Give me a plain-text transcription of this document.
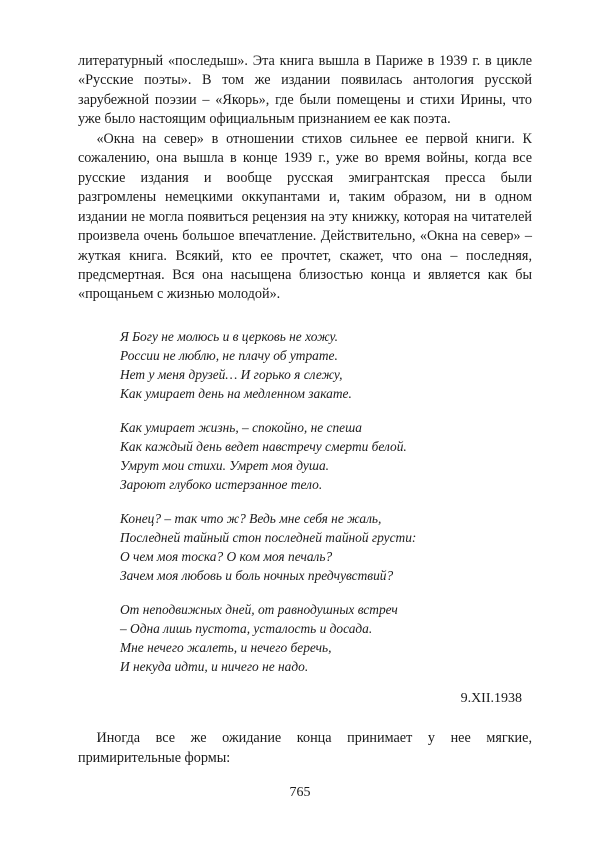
литературный «последыш». Эта книга вышла в Париже в 1939 г. в цикле «Русские поэты». В том же издании появилась антология русской зарубежной поэзии – «Якорь», где были помещены и стихи Ирины, что уже было настоящим официальным признанием ее как поэта.

«Окна на север» в отношении стихов сильнее ее первой книги. К сожалению, она вышла в конце 1939 г., уже во время войны, когда все русские издания и вообще русская эмигрантская пресса были разгромлены немецкими оккупантами и, таким образом, ни в одном издании не могла появиться рецензия на эту книжку, которая на читателей произвела очень большое впечатление. Действительно, «Окна на север» – жуткая книга. Всякий, кто ее прочтет, скажет, что она – последняя, предсмертная. Вся она насыщена близостью конца и является как бы «прощаньем с жизнью молодой».

Я Богу не молюсь и в церковь не хожу.
России не люблю, не плачу об утрате.
Нет у меня друзей… И горько я слежу,
Как умирает день на медленном закате.
Как умирает жизнь, – спокойно, не спеша
Как каждый день ведет навстречу смерти белой.
Умрут мои стихи. Умрет моя душа.
Зароют глубоко истерзанное тело.
Конец? – так что ж? Ведь мне себя не жаль,
Последней тайный стон последней тайной грусти:
О чем моя тоска? О ком моя печаль?
Зачем моя любовь и боль ночных предчувствий?
От неподвижных дней, от равнодушных встреч
– Одна лишь пустота, усталость и досада.
Мне нечего жалеть, и нечего беречь,
И некуда идти, и ничего не надо.
9.XII.1938

Иногда все же ожидание конца принимает у нее мягкие, примирительные формы:

765
